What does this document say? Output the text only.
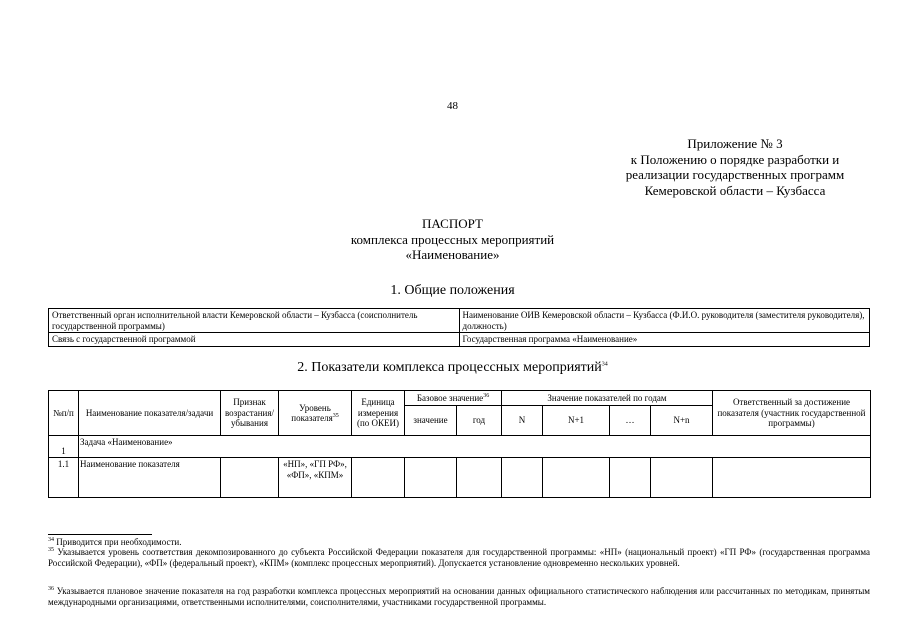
48
Приложение № 3
к Положению о порядке разработки и
реализации государственных программ
Кемеровской области – Кузбасса
ПАСПОРТ
комплекса процессных мероприятий
«Наименование»
1. Общие положения
Ответственный орган исполнительной власти Кемеровской области – Кузбасса (соисполнитель государственной программы)	Наименование ОИВ Кемеровской области – Кузбасса (Ф.И.О. руководителя (заместителя руководителя), должность)
Связь с государственной программой	Государственная программа «Наименование»
2. Показатели комплекса процессных мероприятий$^{34}$
№п/п	Наименование показателя/задачи	Признак возрастания/ убывания	Уровень показателя$^{35}$	Единица измерения (по ОКЕИ)	Базовое значение$^{36}$		Значение показателей по годам				Ответственный за достижение показателя (участник государственной программы)
					значение	год	N	N+1	…	N+n	
1	Задача «Наименование»										
1.1	Наименование показателя		«НП», «ГП РФ», «ФП», «КПМ»								
$^{34}$ Приводится при необходимости.
$^{35}$ Указывается уровень соответствия декомпозированного до субъекта Российской Федерации показателя для государственной программы: «НП» (национальный проект) «ГП РФ» (государственная программа Российской Федерации), «ФП» (федеральный проект), «КПМ» (комплекс процессных мероприятий). Допускается установление одновременно нескольких уровней.
$^{36}$ Указывается плановое значение показателя на год разработки комплекса процессных мероприятий на основании данных официального статистического наблюдения или рассчитанных по методикам, принятым международными организациями, ответственными исполнителями, соисполнителями, участниками государственной программы.
